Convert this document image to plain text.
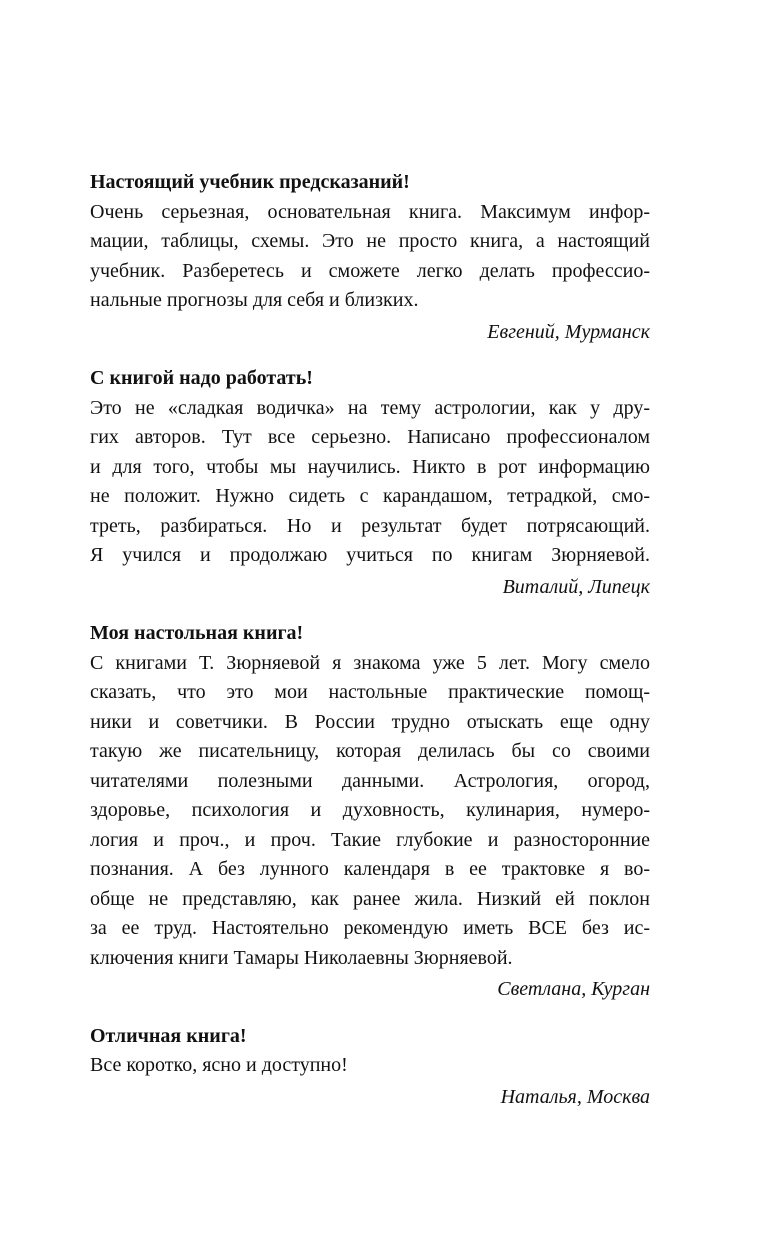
Настоящий учебник предсказаний!
Очень серьезная, основательная книга. Максимум инфор-
мации, таблицы, схемы. Это не просто книга, а настоящий
учебник. Разберетесь и сможете легко делать профессио-
нальные прогнозы для себя и близких.
Евгений, Мурманск
С книгой надо работать!
Это не «сладкая водичка» на тему астрологии, как у дру-
гих авторов. Тут все серьезно. Написано профессионалом
и для того, чтобы мы научились. Никто в рот информацию
не положит. Нужно сидеть с карандашом, тетрадкой, смо-
треть, разбираться. Но и результат будет потрясающий.
Я учился и продолжаю учиться по книгам Зюрняевой.
Виталий, Липецк
Моя настольная книга!
С книгами Т. Зюрняевой я знакома уже 5 лет. Могу смело
сказать, что это мои настольные практические помощ-
ники и советчики. В России трудно отыскать еще одну
такую же писательницу, которая делилась бы со своими
читателями полезными данными. Астрология, огород,
здоровье, психология и духовность, кулинария, нумеро-
логия и проч., и проч. Такие глубокие и разносторонние
познания. А без лунного календаря в ее трактовке я во-
обще не представляю, как ранее жила. Низкий ей поклон
за ее труд. Настоятельно рекомендую иметь ВСЕ без ис-
ключения книги Тамары Николаевны Зюрняевой.
Светлана, Курган
Отличная книга!
Все коротко, ясно и доступно!
Наталья, Москва
